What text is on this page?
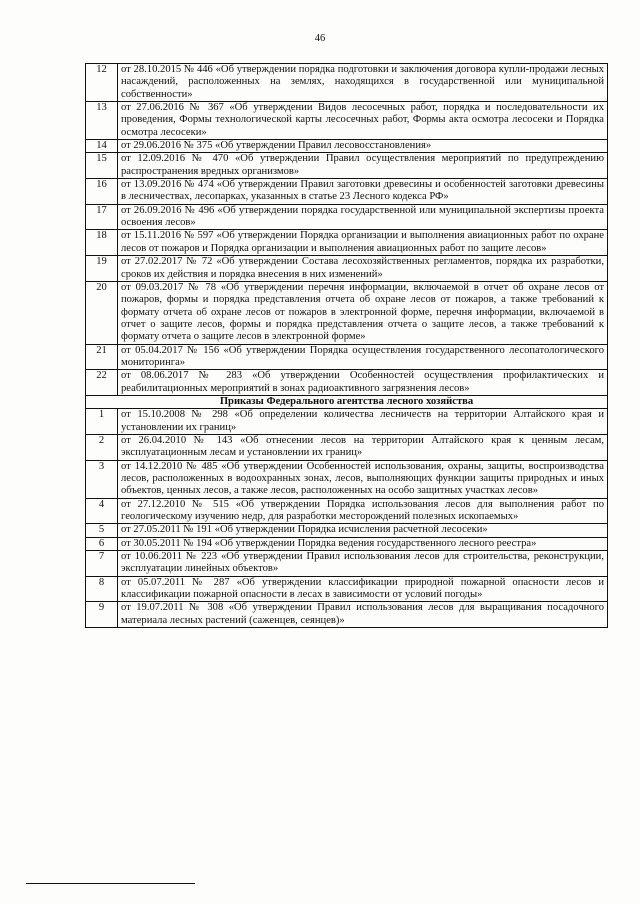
46
12	от 28.10.2015 № 446 «Об утверждении порядка подготовки и заключения договора купли-продажи лесных насаждений, расположенных на землях, находящихся в государственной или муниципальной собственности»
13	от 27.06.2016 № 367 «Об утверждении Видов лесосечных работ, порядка и последовательности их проведения, Формы технологической карты лесосечных работ, Формы акта осмотра лесосеки и Порядка осмотра лесосеки»
14	от 29.06.2016 № 375 «Об утверждении Правил лесовосстановления»
15	от 12.09.2016 № 470 «Об утверждении Правил осуществления мероприятий по предупреждению распространения вредных организмов»
16	от 13.09.2016 № 474 «Об утверждении Правил заготовки древесины и особенностей заготовки древесины в лесничествах, лесопарках, указанных в статье 23 Лесного кодекса РФ»
17	от 26.09.2016 № 496 «Об утверждении порядка государственной или муниципальной экспертизы проекта освоения лесов»
18	от 15.11.2016 № 597 «Об утверждении Порядка организации и выполнения авиационных работ по охране лесов от пожаров и Порядка организации и выполнения авиационных работ по защите лесов»
19	от 27.02.2017 № 72 «Об утверждении Состава лесохозяйственных регламентов, порядка их разработки, сроков их действия и порядка внесения в них изменений»
20	от 09.03.2017 № 78 «Об утверждении перечня информации, включаемой в отчет об охране лесов от пожаров, формы и порядка представления отчета об охране лесов от пожаров, а также требований к формату отчета об охране лесов от пожаров в электронной форме, перечня информации, включаемой в отчет о защите лесов, формы и порядка представления отчета о защите лесов, а также требований к формату отчета о защите лесов в электронной форме»
21	от 05.04.2017 № 156 «Об утверждении Порядка осуществления государственного лесопатологического мониторинга»
22	от 08.06.2017 № 283 «Об утверждении Особенностей осуществления профилактических и реабилитационных мероприятий в зонах радиоактивного загрязнения лесов»
Приказы Федерального агентства лесного хозяйства	
1	от 15.10.2008 № 298 «Об определении количества лесничеств на территории Алтайского края и установлении их границ»
2	от 26.04.2010 № 143 «Об отнесении лесов на территории Алтайского края к ценным лесам, эксплуатационным лесам и установлении их границ»
3	от 14.12.2010 № 485 «Об утверждении Особенностей использования, охраны, защиты, воспроизводства лесов, расположенных в водоохранных зонах, лесов, выполняющих функции защиты природных и иных объектов, ценных лесов, а также лесов, расположенных на особо защитных участках лесов»
4	от 27.12.2010 № 515 «Об утверждении Порядка использования лесов для выполнения работ по геологическому изучению недр, для разработки месторождений полезных ископаемых»
5	от 27.05.2011 № 191 «Об утверждении Порядка исчисления расчетной лесосеки»
6	от 30.05.2011 № 194 «Об утверждении Порядка ведения государственного лесного реестра»
7	от 10.06.2011 № 223 «Об утверждении Правил использования лесов для строительства, реконструкции, эксплуатации линейных объектов»
8	от 05.07.2011 № 287 «Об утверждении классификации природной пожарной опасности лесов и классификации пожарной опасности в лесах в зависимости от условий погоды»
9	от 19.07.2011 № 308 «Об утверждении Правил использования лесов для выращивания посадочного материала лесных растений (саженцев, сеянцев)»
